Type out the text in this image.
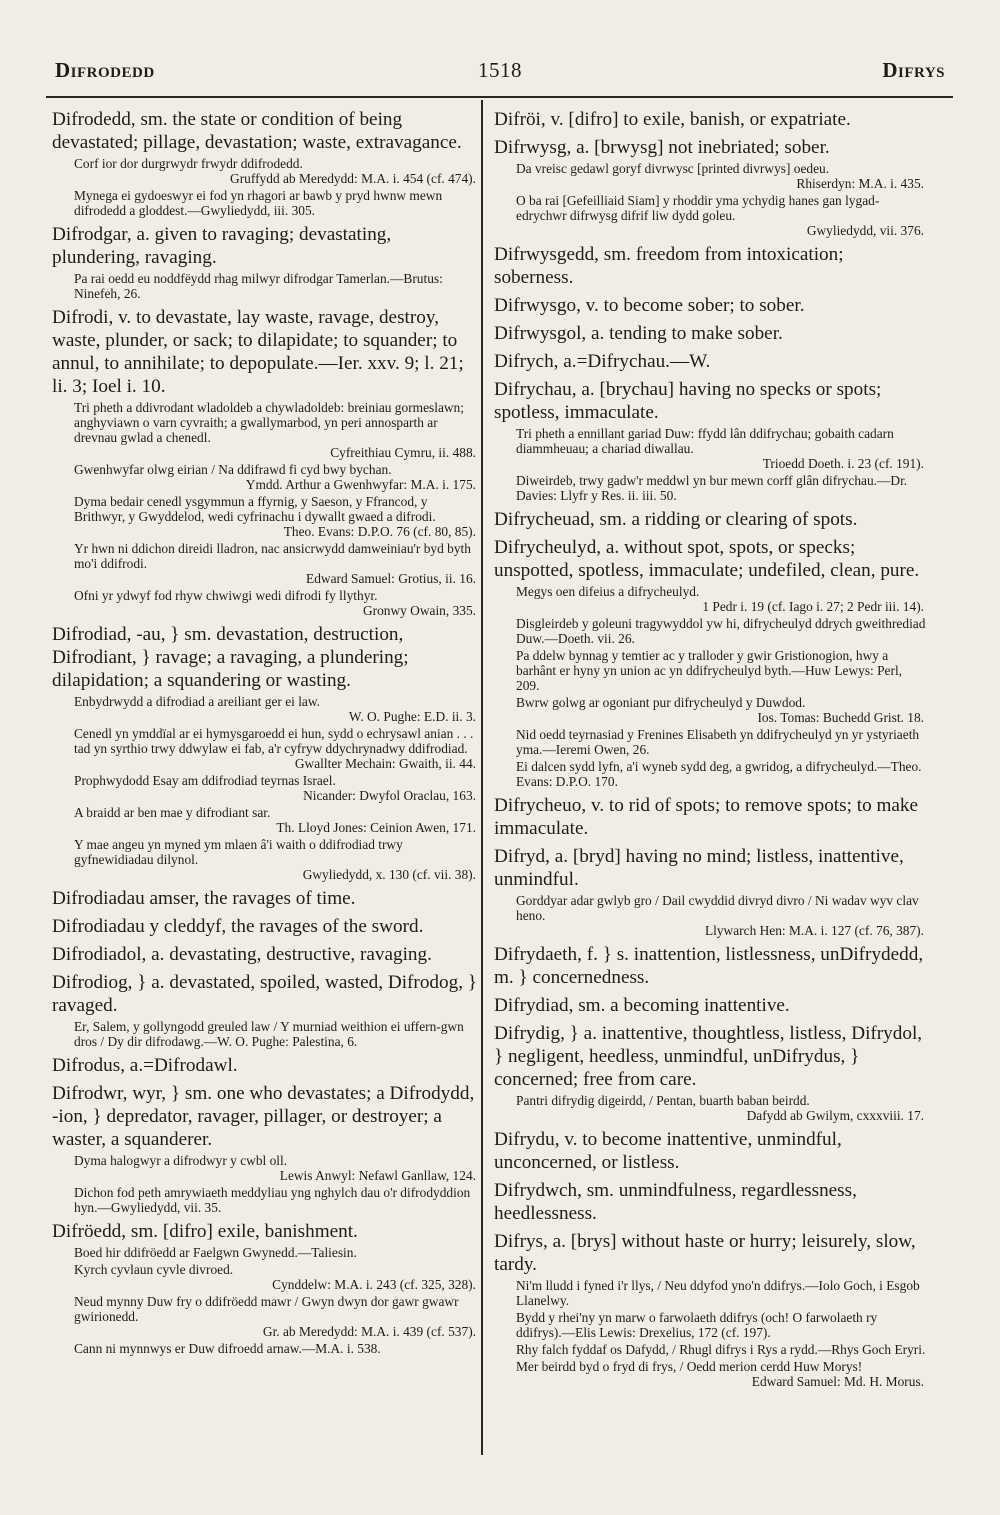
Difrodedd	1518	Difrys

Difrodedd, sm. the state or condition of being devastated; pillage, devastation; waste, extravagance.

Corf ior dor durgrwydr frwydr ddifrodedd.

Gruffydd ab Meredydd: M.A. i. 454 (cf. 474).

Mynega ei gydoeswyr ei fod yn rhagori ar bawb y pryd hwnw mewn difrodedd a gloddest.—Gwyliedydd, iii. 305.

Difrodgar, a. given to ravaging; devastating, plundering, ravaging.

Pa rai oedd eu noddfëydd rhag milwyr difrodgar Tamerlan.—Brutus: Ninefeh, 26.

Difrodi, v. to devastate, lay waste, ravage, destroy, waste, plunder, or sack; to dilapidate; to squander; to annul, to annihilate; to depopulate.—Ier. xxv. 9; l. 21; li. 3; Ioel i. 10.

Tri pheth a ddivrodant wladoldeb a chywladoldeb: breiniau gormeslawn; anghyviawn o varn cyvraith; a gwallymarbod, yn peri annosparth ar drevnau gwlad a chenedl.

Cyfreithiau Cymru, ii. 488.

Gwenhwyfar olwg eirian / Na ddifrawd fi cyd bwy bychan.

Ymdd. Arthur a Gwenhwyfar: M.A. i. 175.

Dyma bedair cenedl ysgymmun a ffyrnig, y Saeson, y Ffrancod, y Brithwyr, y Gwyddelod, wedi cyfrinachu i dywallt gwaed a difrodi.

Theo. Evans: D.P.O. 76 (cf. 80, 85).

Yr hwn ni ddichon direidi lladron, nac ansicrwydd damweiniau'r byd byth mo'i ddifrodi.

Edward Samuel: Grotius, ii. 16.

Ofni yr ydwyf fod rhyw chwiwgi wedi difrodi fy llythyr.

Gronwy Owain, 335.

Difrodiad, -au, } sm. devastation, destruction, Difrodiant, } ravage; a ravaging, a plundering; dilapidation; a squandering or wasting.

Enbydrwydd a difrodiad a areiliant ger ei law.

W. O. Pughe: E.D. ii. 3.

Cenedl yn ymddïal ar ei hymysgaroedd ei hun, sydd o echrysawl anian . . . tad yn syrthio trwy ddwylaw ei fab, a'r cyfryw ddychrynadwy ddifrodiad.

Gwallter Mechain: Gwaith, ii. 44.

Prophwydodd Esay am ddifrodiad teyrnas Israel.

Nicander: Dwyfol Oraclau, 163.

A braidd ar ben mae y difrodiant sar.

Th. Lloyd Jones: Ceinion Awen, 171.

Y mae angeu yn myned ym mlaen â'i waith o ddifrodiad trwy gyfnewidiadau dilynol.

Gwyliedydd, x. 130 (cf. vii. 38).

Difrodiadau amser, the ravages of time.

Difrodiadau y cleddyf, the ravages of the sword.

Difrodiadol, a. devastating, destructive, ravaging.

Difrodiog, } a. devastated, spoiled, wasted, Difrodog, } ravaged.

Er, Salem, y gollyngodd greuled law / Y murniad weithion ei uffern-gwn dros / Dy dir difrodawg.—W. O. Pughe: Palestina, 6.

Difrodus, a.=Difrodawl.

Difrodwr, wyr, } sm. one who devastates; a Difrodydd, -ion, } depredator, ravager, pillager, or destroyer; a waster, a squanderer.

Dyma halogwyr a difrodwyr y cwbl oll.

Lewis Anwyl: Nefawl Ganllaw, 124.

Dichon fod peth amrywiaeth meddyliau yng nghylch dau o'r difrodyddion hyn.—Gwyliedydd, vii. 35.

Difröedd, sm. [difro] exile, banishment.

Boed hir ddifröedd ar Faelgwn Gwynedd.—Taliesin.

Kyrch cyvlaun cyvle divroed.

Cynddelw: M.A. i. 243 (cf. 325, 328).

Neud mynny Duw fry o ddifröedd mawr / Gwyn dwyn dor gawr gwawr gwirionedd.

Gr. ab Meredydd: M.A. i. 439 (cf. 537).

Cann ni mynnwys er Duw difroedd arnaw.—M.A. i. 538.

Difröi, v. [difro] to exile, banish, or expatriate.

Difrwysg, a. [brwysg] not inebriated; sober.

Da vreisc gedawl goryf divrwysc [printed divrwys] oedeu.

Rhiserdyn: M.A. i. 435.

O ba rai [Gefeilliaid Siam] y rhoddir yma ychydig hanes gan lygad-edrychwr difrwysg difrif liw dydd goleu.

Gwyliedydd, vii. 376.

Difrwysgedd, sm. freedom from intoxication; soberness.

Difrwysgo, v. to become sober; to sober.

Difrwysgol, a. tending to make sober.

Difrych, a.=Difrychau.—W.

Difrychau, a. [brychau] having no specks or spots; spotless, immaculate.

Tri pheth a ennillant gariad Duw: ffydd lân ddifrychau; gobaith cadarn diammheuau; a chariad diwallau.

Trioedd Doeth. i. 23 (cf. 191).

Diweirdeb, trwy gadw'r meddwl yn bur mewn corff glân difrychau.—Dr. Davies: Llyfr y Res. ii. iii. 50.

Difrycheuad, sm. a ridding or clearing of spots.

Difrycheulyd, a. without spot, spots, or specks; unspotted, spotless, immaculate; undefiled, clean, pure.

Megys oen difeius a difrycheulyd.

1 Pedr i. 19 (cf. Iago i. 27; 2 Pedr iii. 14).

Disgleirdeb y goleuni tragywyddol yw hi, difrycheulyd ddrych gweithrediad Duw.—Doeth. vii. 26.

Pa ddelw bynnag y temtier ac y tralloder y gwir Gristionogion, hwy a barhânt er hyny yn union ac yn ddifrycheulyd byth.—Huw Lewys: Perl, 209.

Bwrw golwg ar ogoniant pur difrycheulyd y Duwdod.

Ios. Tomas: Buchedd Grist. 18.

Nid oedd teyrnasiad y Frenines Elisabeth yn ddifrycheulyd yn yr ystyriaeth yma.—Ieremi Owen, 26.

Ei dalcen sydd lyfn, a'i wyneb sydd deg, a gwridog, a difrycheulyd.—Theo. Evans: D.P.O. 170.

Difrycheuo, v. to rid of spots; to remove spots; to make immaculate.

Difryd, a. [bryd] having no mind; listless, inattentive, unmindful.

Gorddyar adar gwlyb gro / Dail cwyddid divryd divro / Ni wadav wyv clav heno.

Llywarch Hen: M.A. i. 127 (cf. 76, 387).

Difrydaeth, f. } s. inattention, listlessness, unDifrydedd, m. } concernedness.

Difrydiad, sm. a becoming inattentive.

Difrydig, } a. inattentive, thoughtless, listless, Difrydol, } negligent, heedless, unmindful, unDifrydus, } concerned; free from care.

Pantri difrydig digeirdd, / Pentan, buarth baban beirdd.

Dafydd ab Gwilym, cxxxviii. 17.

Difrydu, v. to become inattentive, unmindful, unconcerned, or listless.

Difrydwch, sm. unmindfulness, regardlessness, heedlessness.

Difrys, a. [brys] without haste or hurry; leisurely, slow, tardy.

Ni'm lludd i fyned i'r llys, / Neu ddyfod yno'n ddifrys.—Iolo Goch, i Esgob Llanelwy.

Bydd y rhei'ny yn marw o farwolaeth ddifrys (och! O farwolaeth ry ddifrys).—Elis Lewis: Drexelius, 172 (cf. 197).

Rhy falch fyddaf os Dafydd, / Rhugl difrys i Rys a rydd.—Rhys Goch Eryri.

Mer beirdd byd o fryd di frys, / Oedd merion cerdd Huw Morys!

Edward Samuel: Md. H. Morus.
